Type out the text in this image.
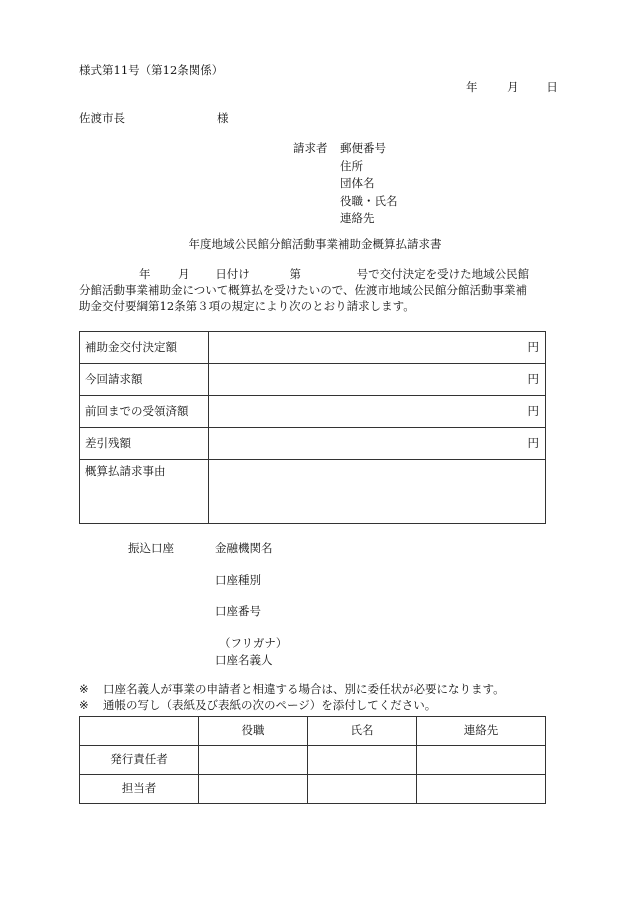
様式第11号（第12条関係）
年	月 日
佐渡市長	様
請求者 郵便番号
住所
団体名
役職・氏名
連絡先
年度地域公民館分館活動事業補助金概算払請求書
年 月 日付け	第	号で交付決定を受けた地域公民館
分館活動事業補助金について概算払を受けたいので、佐渡市地域公民館分館活動事業補
助金交付要綱第12条第３項の規定により次のとおり請求します。
補助金交付決定額	円
今回請求額	円
前回までの受領済額	円
差引残額	円
概算払請求事由	
振込口座	金融機関名
口座種別
口座番号
（フリガナ）
口座名義人
※ 口座名義人が事業の申請者と相違する場合は、別に委任状が必要になります。
※ 通帳の写し（表紙及び表紙の次のページ）を添付してください。
	役職	氏名	連絡先
発行責任者			
担当者			
